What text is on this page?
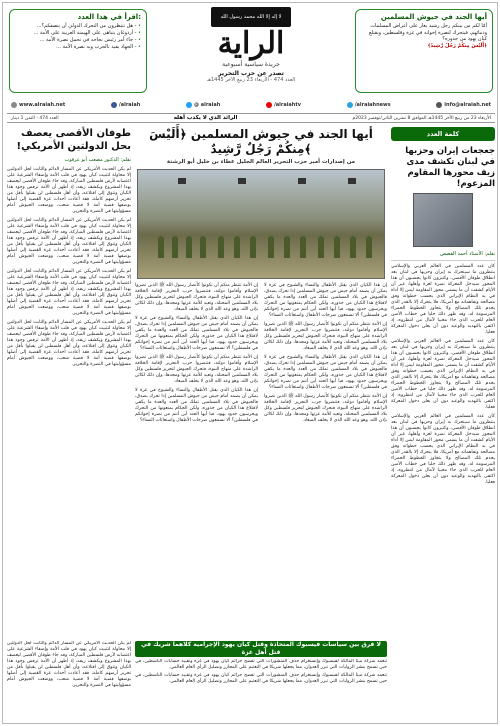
اقرأ في هذا العدد:
• - هل تنتظرون من التحرك الدولي أن ينصفكم؟...
• - أردوغان يتباهى على الهيمنة الغربية على الأمة ...
• - جاء أمر رئيس نجاحه في تحمل نصرة الأمة ...
• - الجهاد يفيد بالحرب وبه نصرة الأمة ...
لا إله إلا الله محمد رسول الله
الراية
جريدة سياسية أسبوعية
تصدر عن حزب التحرير
العدد 474 - الأربعاء 23 ربيع الآخر 1445هـ
أيها الجند في جيوش المسلمين

أمّا لكم من بينكم رجل رشيد يغار على أعراض المسلمات ودمائهم، فيتحرك لنصرة إخوانه في غزة وفلسطين، ويقتلع كيان يهود من جذوره؟

﴿أَلَيْسَ مِنكُمْ رَجُلٌ رَّشِيدٌ﴾

www.alraiah.net	/alraiah	@ alraiah	/alraiahtv	/alraiahnews	info@alraiah.net
العدد 474 - الثمن 1 دينار	الرائد الذي لا يكذب أهله	الأربعاء 23 من ربيع الآخر 1445هـ الموافق 8 تشرين الثاني/نوفمبر 2023م
كلمة العدد
جعجعات إيران وحزبها في لبنان تكشف مدى زيف محورها المقاوم المزعوم!
بقلم: الأستاذ أحمد القصص
كان عدد المسلمين في العالم العربي والإسلامي ينتظرون ما سيتحرك به إيران وحزبها في لبنان بعد انطلاق طوفان الأقصى، وكثيرون كانوا يحسبون أن هذا المحور سيدخل المعركة نصرة لغزة وأهلها، غير أن الأيام كشفت أن ما يسمى محور المقاومة ليس إلا أداة في يد النظام الإيراني الذي يحسب خطواته وفق مصالحه وتفاهماته مع أمريكا، فلا يتحرك إلا بالقدر الذي يخدم تلك المصالح ولا يتجاوز الخطوط الحمراء المرسومة له، وقد ظهر ذلك جليا في خطاب الأمين العام للحزب الذي جاء مخيبا لآمال من انتظروه، إذ اكتفى بالتهديد والوعيد دون أن يعلن دخول المعركة فعليا.
كان عدد المسلمين في العالم العربي والإسلامي ينتظرون ما سيتحرك به إيران وحزبها في لبنان بعد انطلاق طوفان الأقصى، وكثيرون كانوا يحسبون أن هذا المحور سيدخل المعركة نصرة لغزة وأهلها، غير أن الأيام كشفت أن ما يسمى محور المقاومة ليس إلا أداة في يد النظام الإيراني الذي يحسب خطواته وفق مصالحه وتفاهماته مع أمريكا، فلا يتحرك إلا بالقدر الذي يخدم تلك المصالح ولا يتجاوز الخطوط الحمراء المرسومة له، وقد ظهر ذلك جليا في خطاب الأمين العام للحزب الذي جاء مخيبا لآمال من انتظروه، إذ اكتفى بالتهديد والوعيد دون أن يعلن دخول المعركة فعليا.
كان عدد المسلمين في العالم العربي والإسلامي ينتظرون ما سيتحرك به إيران وحزبها في لبنان بعد انطلاق طوفان الأقصى، وكثيرون كانوا يحسبون أن هذا المحور سيدخل المعركة نصرة لغزة وأهلها، غير أن الأيام كشفت أن ما يسمى محور المقاومة ليس إلا أداة في يد النظام الإيراني الذي يحسب خطواته وفق مصالحه وتفاهماته مع أمريكا، فلا يتحرك إلا بالقدر الذي يخدم تلك المصالح ولا يتجاوز الخطوط الحمراء المرسومة له، وقد ظهر ذلك جليا في خطاب الأمين العام للحزب الذي جاء مخيبا لآمال من انتظروه، إذ اكتفى بالتهديد والوعيد دون أن يعلن دخول المعركة فعليا.
أيها الجند في جيوش المسلمين ﴿أَلَيْسَ مِنكُمْ رَجُلٌ رَّشِيدٌ﴾
من إصدارات أمير حزب التحرير العالم الجليل عطاء بن خليل أبو الرشتة
إن الأمة تنتظر منكم أن تكونوا كأنصار رسول الله ﷺ الذين نصروا الإسلام وأقاموا دولته، فتنصروا حزب التحرير لإقامة الخلافة الراشدة على منهاج النبوة، فتحرك الجيوش لتحرير فلسطين وكل بلاد المسلمين المحتلة، وتعيد للأمة عزتها ومجدها، وإن ذلك لكائن بإذن الله، وهو وعد الله الذي لا يخلف الميعاد.
إن هذا الكيان الذي يقتل الأطفال والنساء والشيوخ في غزة لا يمكن أن يصمد أمام جيش من جيوش المسلمين إذا تحرك بصدق، فالجيوش في بلاد المسلمين تملك من العدد والعدة ما يكفي لاقتلاع هذا الكيان من جذوره، ولكن الحكام يمنعونها من التحرك ويحرسون حدود يهود، فيا أيها الجند أين أنتم من نصرة إخوانكم في فلسطين؟ ألا تسمعون صرخات الأطفال واستغاثات النساء؟
إن الأمة تنتظر منكم أن تكونوا كأنصار رسول الله ﷺ الذين نصروا الإسلام وأقاموا دولته، فتنصروا حزب التحرير لإقامة الخلافة الراشدة على منهاج النبوة، فتحرك الجيوش لتحرير فلسطين وكل بلاد المسلمين المحتلة، وتعيد للأمة عزتها ومجدها، وإن ذلك لكائن بإذن الله، وهو وعد الله الذي لا يخلف الميعاد.
إن هذا الكيان الذي يقتل الأطفال والنساء والشيوخ في غزة لا يمكن أن يصمد أمام جيش من جيوش المسلمين إذا تحرك بصدق، فالجيوش في بلاد المسلمين تملك من العدد والعدة ما يكفي لاقتلاع هذا الكيان من جذوره، ولكن الحكام يمنعونها من التحرك ويحرسون حدود يهود، فيا أيها الجند أين أنتم من نصرة إخوانكم في فلسطين؟ ألا تسمعون صرخات الأطفال واستغاثات النساء؟
إن هذا الكيان الذي يقتل الأطفال والنساء والشيوخ في غزة لا يمكن أن يصمد أمام جيش من جيوش المسلمين إذا تحرك بصدق، فالجيوش في بلاد المسلمين تملك من العدد والعدة ما يكفي لاقتلاع هذا الكيان من جذوره، ولكن الحكام يمنعونها من التحرك ويحرسون حدود يهود، فيا أيها الجند أين أنتم من نصرة إخوانكم في فلسطين؟ ألا تسمعون صرخات الأطفال واستغاثات النساء؟
إن الأمة تنتظر منكم أن تكونوا كأنصار رسول الله ﷺ الذين نصروا الإسلام وأقاموا دولته، فتنصروا حزب التحرير لإقامة الخلافة الراشدة على منهاج النبوة، فتحرك الجيوش لتحرير فلسطين وكل بلاد المسلمين المحتلة، وتعيد للأمة عزتها ومجدها، وإن ذلك لكائن بإذن الله، وهو وعد الله الذي لا يخلف الميعاد.
إن هذا الكيان الذي يقتل الأطفال والنساء والشيوخ في غزة لا يمكن أن يصمد أمام جيش من جيوش المسلمين إذا تحرك بصدق، فالجيوش في بلاد المسلمين تملك من العدد والعدة ما يكفي لاقتلاع هذا الكيان من جذوره، ولكن الحكام يمنعونها من التحرك ويحرسون حدود يهود، فيا أيها الجند أين أنتم من نصرة إخوانكم في فلسطين؟ ألا تسمعون صرخات الأطفال واستغاثات النساء؟
إن الأمة تنتظر منكم أن تكونوا كأنصار رسول الله ﷺ الذين نصروا الإسلام وأقاموا دولته، فتنصروا حزب التحرير لإقامة الخلافة الراشدة على منهاج النبوة، فتحرك الجيوش لتحرير فلسطين وكل بلاد المسلمين المحتلة، وتعيد للأمة عزتها ومجدها، وإن ذلك لكائن بإذن الله، وهو وعد الله الذي لا يخلف الميعاد.
طوفان الأقصى يعصف بحل الدولتين الأمريكي!
بقلم: الدكتور مصعب أبو عرقوب
لم يكن الحديث الأمريكي عن المسار الدائم والثابت لحل الدولتين إلا محاولة لتثبيت كيان يهود في قلب الأمة وإضفاء الشرعية على اغتصابه لأرض فلسطين المباركة، وقد جاء طوفان الأقصى ليعصف بهذا المشروع ويكشف زيفه، إذ أظهر أن الأمة ترفض وجود هذا الكيان وتتوق إلى اقتلاعه، وأن أهل فلسطين لن يقبلوا بأقل من تحرير أرضهم كاملة، فقد أعادت أحداث غزة القضية إلى أصلها بوصفها قضية أمة لا قضية شعب، ووضعت الجيوش أمام مسؤوليتها في النصرة والتحرير.
لم يكن الحديث الأمريكي عن المسار الدائم والثابت لحل الدولتين إلا محاولة لتثبيت كيان يهود في قلب الأمة وإضفاء الشرعية على اغتصابه لأرض فلسطين المباركة، وقد جاء طوفان الأقصى ليعصف بهذا المشروع ويكشف زيفه، إذ أظهر أن الأمة ترفض وجود هذا الكيان وتتوق إلى اقتلاعه، وأن أهل فلسطين لن يقبلوا بأقل من تحرير أرضهم كاملة، فقد أعادت أحداث غزة القضية إلى أصلها بوصفها قضية أمة لا قضية شعب، ووضعت الجيوش أمام مسؤوليتها في النصرة والتحرير.
لم يكن الحديث الأمريكي عن المسار الدائم والثابت لحل الدولتين إلا محاولة لتثبيت كيان يهود في قلب الأمة وإضفاء الشرعية على اغتصابه لأرض فلسطين المباركة، وقد جاء طوفان الأقصى ليعصف بهذا المشروع ويكشف زيفه، إذ أظهر أن الأمة ترفض وجود هذا الكيان وتتوق إلى اقتلاعه، وأن أهل فلسطين لن يقبلوا بأقل من تحرير أرضهم كاملة، فقد أعادت أحداث غزة القضية إلى أصلها بوصفها قضية أمة لا قضية شعب، ووضعت الجيوش أمام مسؤوليتها في النصرة والتحرير.
لم يكن الحديث الأمريكي عن المسار الدائم والثابت لحل الدولتين إلا محاولة لتثبيت كيان يهود في قلب الأمة وإضفاء الشرعية على اغتصابه لأرض فلسطين المباركة، وقد جاء طوفان الأقصى ليعصف بهذا المشروع ويكشف زيفه، إذ أظهر أن الأمة ترفض وجود هذا الكيان وتتوق إلى اقتلاعه، وأن أهل فلسطين لن يقبلوا بأقل من تحرير أرضهم كاملة، فقد أعادت أحداث غزة القضية إلى أصلها بوصفها قضية أمة لا قضية شعب، ووضعت الجيوش أمام مسؤوليتها في النصرة والتحرير.
لا فرق بين سياسات فيسبوك المتحاذة وقتل كيان يهود الإجرامية كلاهما شريك في قتل أهل غزة
تتعمد شركة ميتا المالكة لفيسبوك وإنستغرام حذف المنشورات التي تفضح جرائم كيان يهود في غزة وتقييد حسابات الناشطين، في حين تسمح بنشر الروايات التي تبرر العدوان، مما يجعلها شريكا في التعتيم على المجازر وتضليل الرأي العام العالمي.
تتعمد شركة ميتا المالكة لفيسبوك وإنستغرام حذف المنشورات التي تفضح جرائم كيان يهود في غزة وتقييد حسابات الناشطين، في حين تسمح بنشر الروايات التي تبرر العدوان، مما يجعلها شريكا في التعتيم على المجازر وتضليل الرأي العام العالمي.
لم يكن الحديث الأمريكي عن المسار الدائم والثابت لحل الدولتين إلا محاولة لتثبيت كيان يهود في قلب الأمة وإضفاء الشرعية على اغتصابه لأرض فلسطين المباركة، وقد جاء طوفان الأقصى ليعصف بهذا المشروع ويكشف زيفه، إذ أظهر أن الأمة ترفض وجود هذا الكيان وتتوق إلى اقتلاعه، وأن أهل فلسطين لن يقبلوا بأقل من تحرير أرضهم كاملة، فقد أعادت أحداث غزة القضية إلى أصلها بوصفها قضية أمة لا قضية شعب، ووضعت الجيوش أمام مسؤوليتها في النصرة والتحرير.
